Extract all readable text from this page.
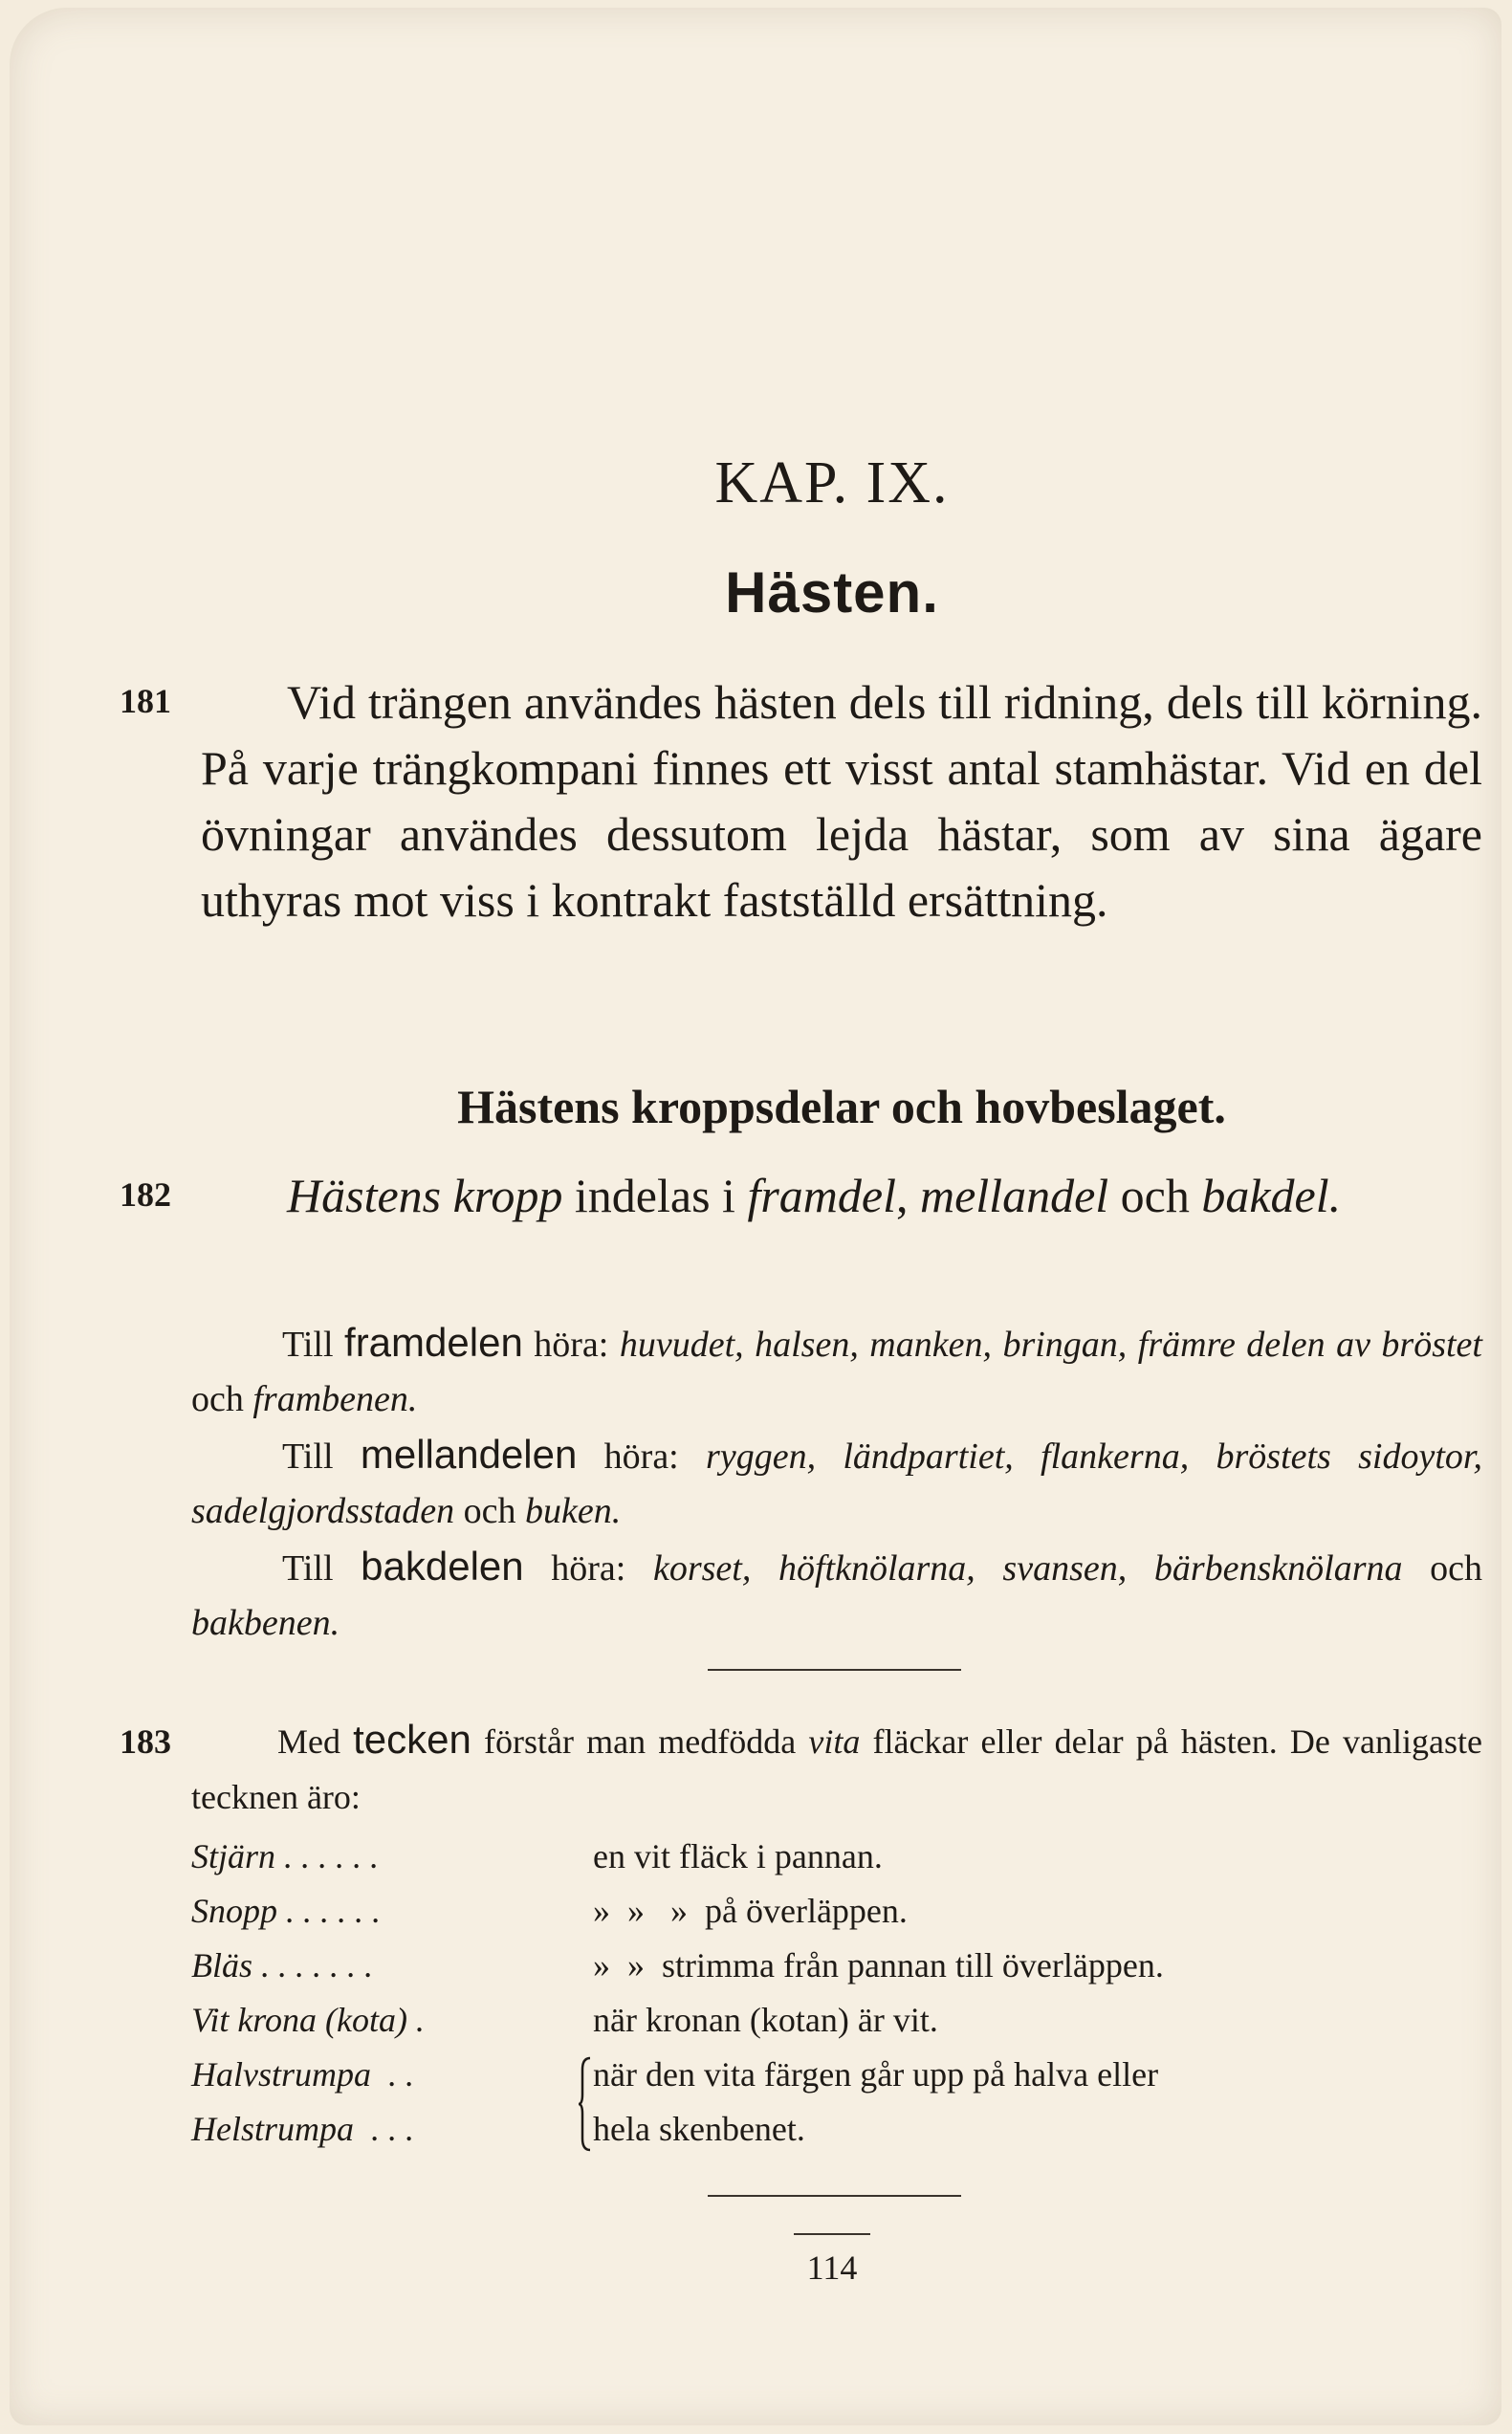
KAP. IX.
Hästen.
181	Vid trängen användes hästen dels till ridning, dels till körning. På varje trängkompani finnes ett visst antal stamhästar. Vid en del övningar användes dessutom lejda hästar, som av sina ägare uthyras mot viss i kontrakt fastställd ersättning.

Hästens kroppsdelar och hovbeslaget.
182	Hästens kropp indelas i framdel, mellandel och bakdel.

Till framdelen höra: huvudet, halsen, manken, bringan, främre delen av bröstet och frambenen.

Till mellandelen höra: ryggen, ländpartiet, flankerna, bröstets sidoytor, sadelgjordsstaden och buken.

Till bakdelen höra: korset, höftknölarna, svansen, bärbensknölarna och bakbenen.

183	Med tecken förstår man medfödda vita fläckar eller delar på hästen. De vanligaste tecknen äro:

Stjärn . . . . . .	en vit fläck i pannan.
Snopp . . . . . .	»  »   »  på överläppen.
Bläs . . . . . . .	»  »  strimma från pannan till överläppen.
Vit krona (kota) .	när kronan (kotan) är vit.
Halvstrumpa  . .	när den vita färgen går upp på halva eller
Helstrumpa  . . .	hela skenbenet.
114
